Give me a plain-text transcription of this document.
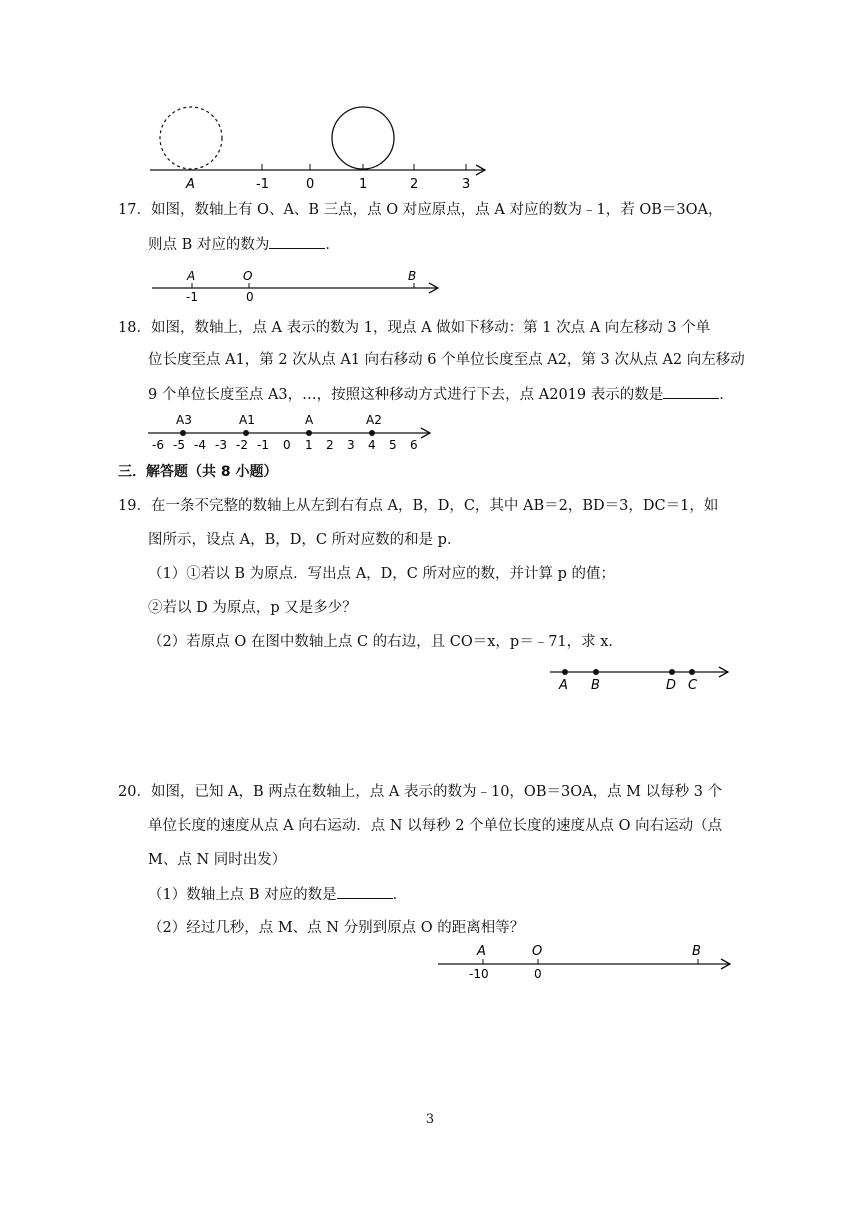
A	-1	0	1	2	3
17．如图，数轴上有 O、A、B 三点，点 O 对应原点，点 A 对应的数为﹣1，若 OB＝3OA，
则点 B 对应的数为	．
A	O	B
-1	0
18．如图，数轴上，点 A 表示的数为 1，现点 A 做如下移动：第 1 次点 A 向左移动 3 个单
位长度至点 A1，第 2 次从点 A1 向右移动 6 个单位长度至点 A2，第 3 次从点 A2 向左移动
9 个单位长度至点 A3，…，按照这种移动方式进行下去，点 A2019 表示的数是	．
A3	A1	A	A2
-6 -5 -4 -3 -2 -1 0 1 2 3 4 5 6
三．解答题（共 8 小题）
19．在一条不完整的数轴上从左到右有点 A，B，D，C，其中 AB＝2，BD＝3，DC＝1，如
图所示，设点 A，B，D，C 所对应数的和是 p．
（1）①若以 B 为原点．写出点 A，D，C 所对应的数，并计算 p 的值；
②若以 D 为原点，p 又是多少？
（2）若原点 O 在图中数轴上点 C 的右边，且 CO＝x，p＝﹣71，求 x．
A B	D C
20．如图，已知 A，B 两点在数轴上，点 A 表示的数为﹣10，OB＝3OA，点 M 以每秒 3 个
单位长度的速度从点 A 向右运动．点 N 以每秒 2 个单位长度的速度从点 O 向右运动（点
M、点 N 同时出发）
（1）数轴上点 B 对应的数是	．
（2）经过几秒，点 M、点 N 分别到原点 O 的距离相等？
A	O	B
-10	0
3
